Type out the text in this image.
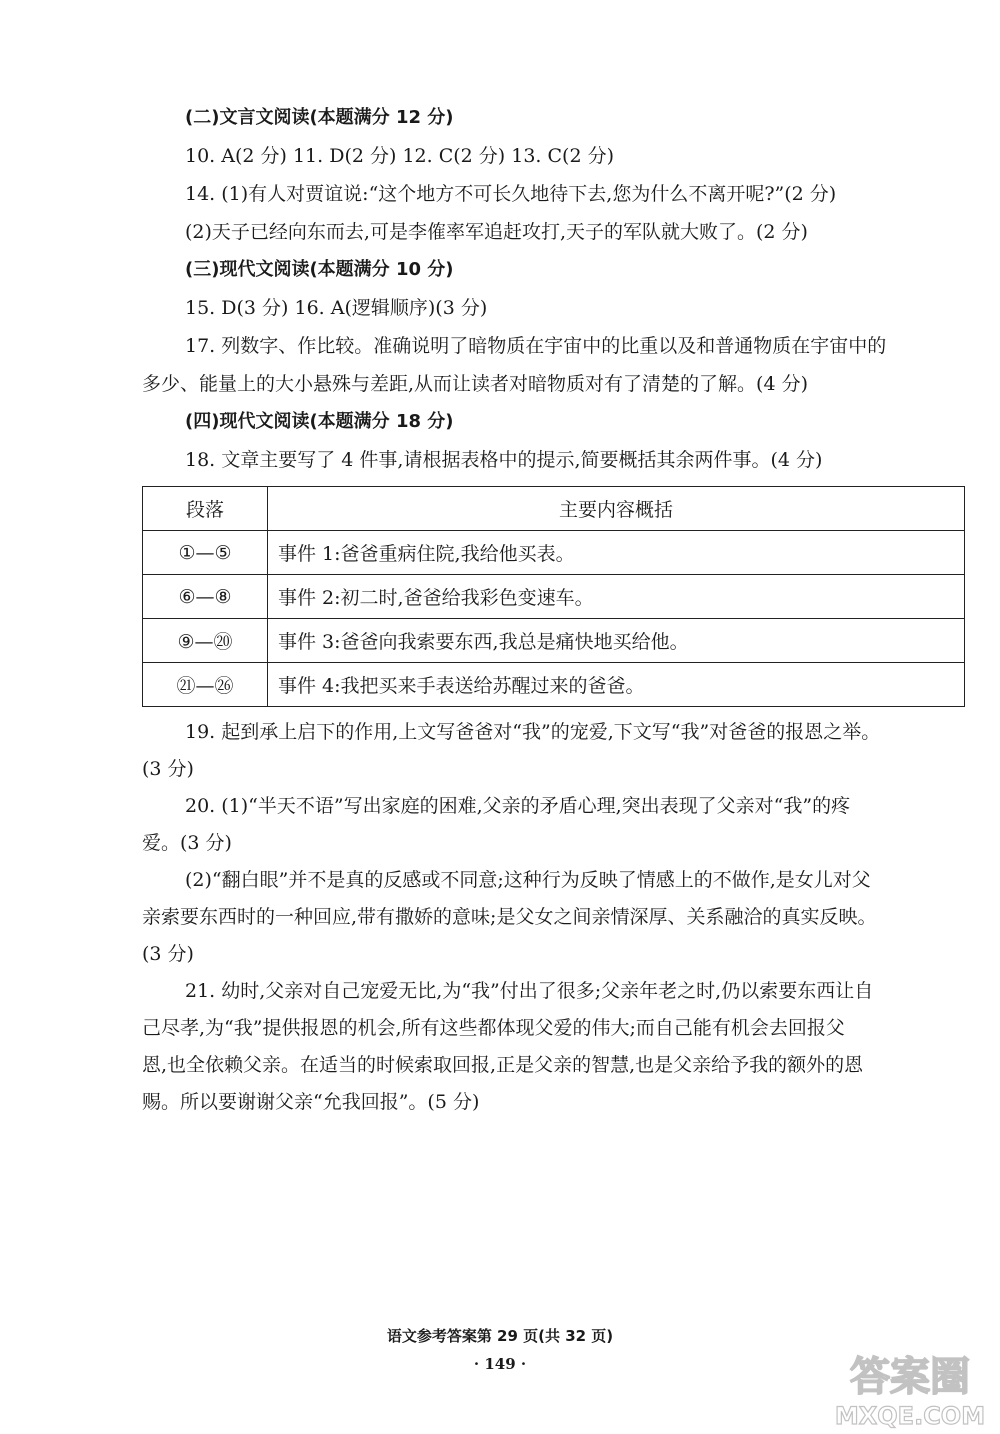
(二)文言文阅读(本题满分 12 分)
10. A(2 分) 11. D(2 分) 12. C(2 分) 13. C(2 分)
14. (1)有人对贾谊说:“这个地方不可长久地待下去,您为什么不离开呢?”(2 分)
(2)天子已经向东而去,可是李傕率军追赶攻打,天子的军队就大败了。(2 分)
(三)现代文阅读(本题满分 10 分)
15. D(3 分) 16. A(逻辑顺序)(3 分)
17. 列数字、作比较。准确说明了暗物质在宇宙中的比重以及和普通物质在宇宙中的
多少、能量上的大小悬殊与差距,从而让读者对暗物质对有了清楚的了解。(4 分)
(四)现代文阅读(本题满分 18 分)
18. 文章主要写了 4 件事,请根据表格中的提示,简要概括其余两件事。(4 分)
段落	主要内容概括
①—⑤	事件 1:爸爸重病住院,我给他买表。
⑥—⑧	事件 2:初二时,爸爸给我彩色变速车。
⑨—⑳	事件 3:爸爸向我索要东西,我总是痛快地买给他。
㉑—㉖	事件 4:我把买来手表送给苏醒过来的爸爸。
19. 起到承上启下的作用,上文写爸爸对“我”的宠爱,下文写“我”对爸爸的报恩之举。
(3 分)
20. (1)“半天不语”写出家庭的困难,父亲的矛盾心理,突出表现了父亲对“我”的疼
爱。(3 分)
(2)“翻白眼”并不是真的反感或不同意;这种行为反映了情感上的不做作,是女儿对父
亲索要东西时的一种回应,带有撒娇的意味;是父女之间亲情深厚、关系融洽的真实反映。
(3 分)
21. 幼时,父亲对自己宠爱无比,为“我”付出了很多;父亲年老之时,仍以索要东西让自
己尽孝,为“我”提供报恩的机会,所有这些都体现父爱的伟大;而自己能有机会去回报父
恩,也全依赖父亲。在适当的时候索取回报,正是父亲的智慧,也是父亲给予我的额外的恩
赐。所以要谢谢父亲“允我回报”。(5 分)
语文参考答案第 29 页(共 32 页)
· 149 ·	答案圈
MXQE.COM
